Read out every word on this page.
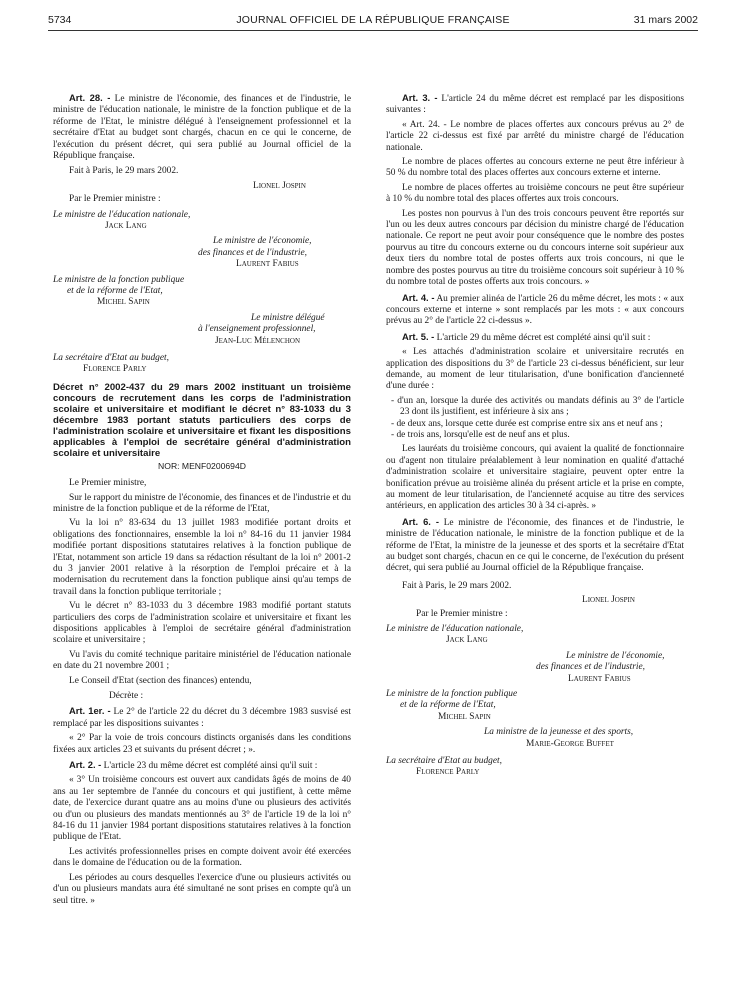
5734	JOURNAL OFFICIEL DE LA RÉPUBLIQUE FRANÇAISE	31 mars 2002

Art. 28. - Le ministre de l'économie, des finances et de l'industrie, le ministre de l'éducation nationale, le ministre de la fonction publique et de la réforme de l'Etat, le ministre délégué à l'enseignement professionnel et la secrétaire d'Etat au budget sont chargés, chacun en ce qui le concerne, de l'exécution du présent décret, qui sera publié au Journal officiel de la République française.

Fait à Paris, le 29 mars 2002.

Lionel Jospin
Par le Premier ministre :
Le ministre de l'éducation nationale,
Jack Lang
Le ministre de l'économie,
des finances et de l'industrie,
Laurent Fabius
Le ministre de la fonction publique
et de la réforme de l'Etat,
Michel Sapin
Le ministre délégué
à l'enseignement professionnel,
Jean-Luc Mélenchon
La secrétaire d'Etat au budget,
Florence Parly
Décret n° 2002-437 du 29 mars 2002 instituant un troisième concours de recrutement dans les corps de l'administration scolaire et universitaire et modifiant le décret n° 83-1033 du 3 décembre 1983 portant statuts particuliers des corps de l'administration scolaire et universitaire et fixant les dispositions applicables à l'emploi de secrétaire général d'administration scolaire et universitaire
NOR: MENF0200694D

Le Premier ministre,

Sur le rapport du ministre de l'économie, des finances et de l'industrie et du ministre de la fonction publique et de la réforme de l'Etat,

Vu la loi n° 83-634 du 13 juillet 1983 modifiée portant droits et obligations des fonctionnaires, ensemble la loi n° 84-16 du 11 janvier 1984 modifiée portant dispositions statutaires relatives à la fonction publique de l'Etat, notamment son article 19 dans sa rédaction résultant de la loi n° 2001-2 du 3 janvier 2001 relative à la résorption de l'emploi précaire et à la modernisation du recrutement dans la fonction publique ainsi qu'au temps de travail dans la fonction publique territoriale ;

Vu le décret n° 83-1033 du 3 décembre 1983 modifié portant statuts particuliers des corps de l'administration scolaire et universitaire et fixant les dispositions applicables à l'emploi de secrétaire général d'administration scolaire et universitaire ;

Vu l'avis du comité technique paritaire ministériel de l'éducation nationale en date du 21 novembre 2001 ;

Le Conseil d'Etat (section des finances) entendu,

Décrète :

Art. 1er. - Le 2° de l'article 22 du décret du 3 décembre 1983 susvisé est remplacé par les dispositions suivantes :

« 2° Par la voie de trois concours distincts organisés dans les conditions fixées aux articles 23 et suivants du présent décret ; ».

Art. 2. - L'article 23 du même décret est complété ainsi qu'il suit :

« 3° Un troisième concours est ouvert aux candidats âgés de moins de 40 ans au 1er septembre de l'année du concours et qui justifient, à cette même date, de l'exercice durant quatre ans au moins d'une ou plusieurs des activités ou d'un ou plusieurs des mandats mentionnés au 3° de l'article 19 de la loi n° 84-16 du 11 janvier 1984 portant dispositions statutaires relatives à la fonction publique de l'Etat.

Les activités professionnelles prises en compte doivent avoir été exercées dans le domaine de l'éducation ou de la formation.

Les périodes au cours desquelles l'exercice d'une ou plusieurs activités ou d'un ou plusieurs mandats aura été simultané ne sont prises en compte qu'à un seul titre. »

Art. 3. - L'article 24 du même décret est remplacé par les dispositions suivantes :

« Art. 24. - Le nombre de places offertes aux concours prévus au 2° de l'article 22 ci-dessus est fixé par arrêté du ministre chargé de l'éducation nationale.

Le nombre de places offertes au concours externe ne peut être inférieur à 50 % du nombre total des places offertes aux concours externe et interne.

Le nombre de places offertes au troisième concours ne peut être supérieur à 10 % du nombre total des places offertes aux trois concours.

Les postes non pourvus à l'un des trois concours peuvent être reportés sur l'un ou les deux autres concours par décision du ministre chargé de l'éducation nationale. Ce report ne peut avoir pour conséquence que le nombre des postes pourvus au titre du concours externe ou du concours interne soit supérieur aux deux tiers du nombre total de postes offerts aux trois concours, ni que le nombre des postes pourvus au titre du troisième concours soit supérieur à 10 % du nombre total de postes offerts aux trois concours. »

Art. 4. - Au premier alinéa de l'article 26 du même décret, les mots : « aux concours externe et interne » sont remplacés par les mots : « aux concours prévus au 2° de l'article 22 ci-dessus ».

Art. 5. - L'article 29 du même décret est complété ainsi qu'il suit :

« Les attachés d'administration scolaire et universitaire recrutés en application des dispositions du 3° de l'article 23 ci-dessus bénéficient, sur leur demande, au moment de leur titularisation, d'une bonification d'ancienneté d'une durée :

- d'un an, lorsque la durée des activités ou mandats définis au 3° de l'article 23 dont ils justifient, est inférieure à six ans ;
- de deux ans, lorsque cette durée est comprise entre six ans et neuf ans ;
- de trois ans, lorsqu'elle est de neuf ans et plus.

Les lauréats du troisième concours, qui avaient la qualité de fonctionnaire ou d'agent non titulaire préalablement à leur nomination en qualité d'attaché d'administration scolaire et universitaire stagiaire, peuvent opter entre la bonification prévue au troisième alinéa du présent article et la prise en compte, au moment de leur titularisation, de l'ancienneté acquise au titre des services antérieurs, en application des articles 30 à 34 ci-après. »

Art. 6. - Le ministre de l'économie, des finances et de l'industrie, le ministre de l'éducation nationale, le ministre de la fonction publique et de la réforme de l'Etat, la ministre de la jeunesse et des sports et la secrétaire d'Etat au budget sont chargés, chacun en ce qui le concerne, de l'exécution du présent décret, qui sera publié au Journal officiel de la République française.

Fait à Paris, le 29 mars 2002.

Lionel Jospin
Par le Premier ministre :
Le ministre de l'éducation nationale,
Jack Lang
Le ministre de l'économie,
des finances et de l'industrie,
Laurent Fabius
Le ministre de la fonction publique
et de la réforme de l'Etat,
Michel Sapin
La ministre de la jeunesse et des sports,
Marie-George Buffet
La secrétaire d'Etat au budget,
Florence Parly
